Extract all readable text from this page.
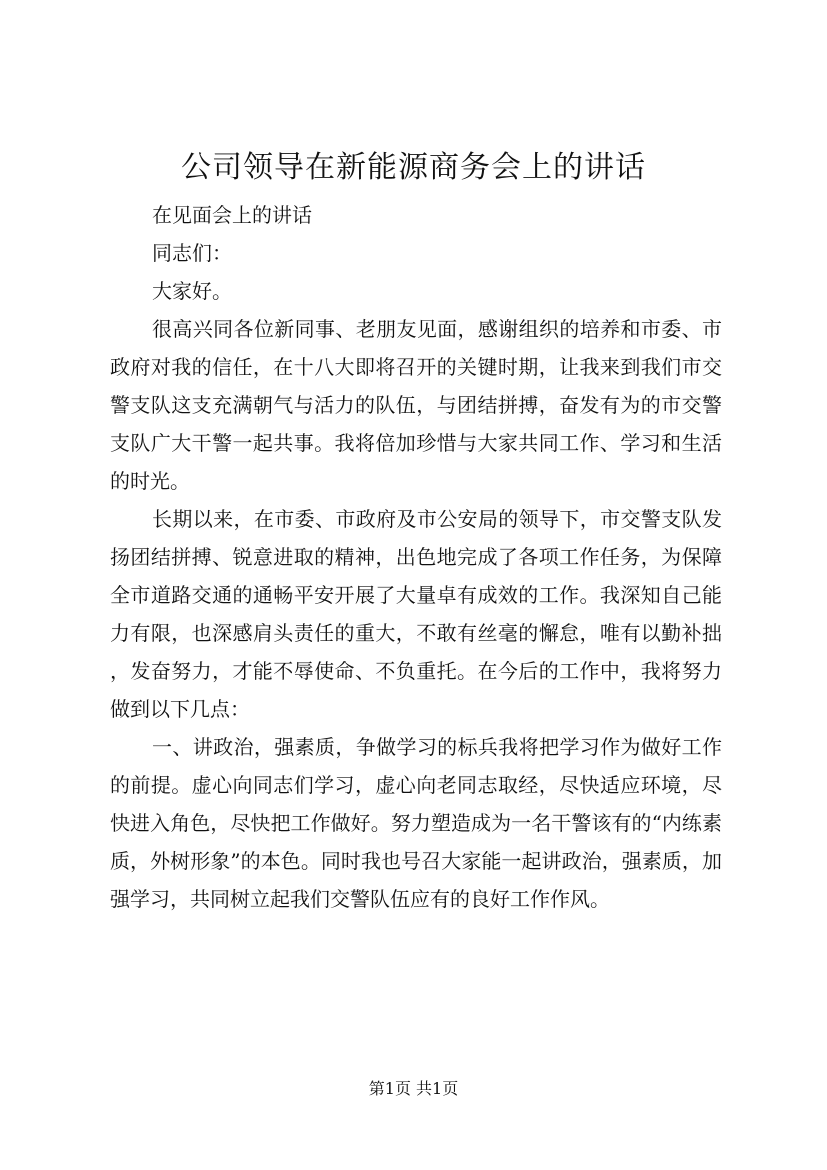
公司领导在新能源商务会上的讲话

在见面会上的讲话

同志们：

大家好。

很高兴同各位新同事、老朋友见面，感谢组织的培养和市委、市政府对我的信任，在十八大即将召开的关键时期，让我来到我们市交警支队这支充满朝气与活力的队伍，与团结拼搏，奋发有为的市交警支队广大干警一起共事。我将倍加珍惜与大家共同工作、学习和生活的时光。

长期以来，在市委、市政府及市公安局的领导下，市交警支队发扬团结拼搏、锐意进取的精神，出色地完成了各项工作任务，为保障全市道路交通的通畅平安开展了大量卓有成效的工作。我深知自己能力有限，也深感肩头责任的重大，不敢有丝毫的懈怠，唯有以勤补拙，发奋努力，才能不辱使命、不负重托。在今后的工作中，我将努力做到以下几点：

一、讲政治，强素质，争做学习的标兵我将把学习作为做好工作的前提。虚心向同志们学习，虚心向老同志取经，尽快适应环境，尽快进入角色，尽快把工作做好。努力塑造成为一名干警该有的“内练素质，外树形象”的本色。同时我也号召大家能一起讲政治，强素质，加强学习，共同树立起我们交警队伍应有的良好工作作风。

第1页 共1页
